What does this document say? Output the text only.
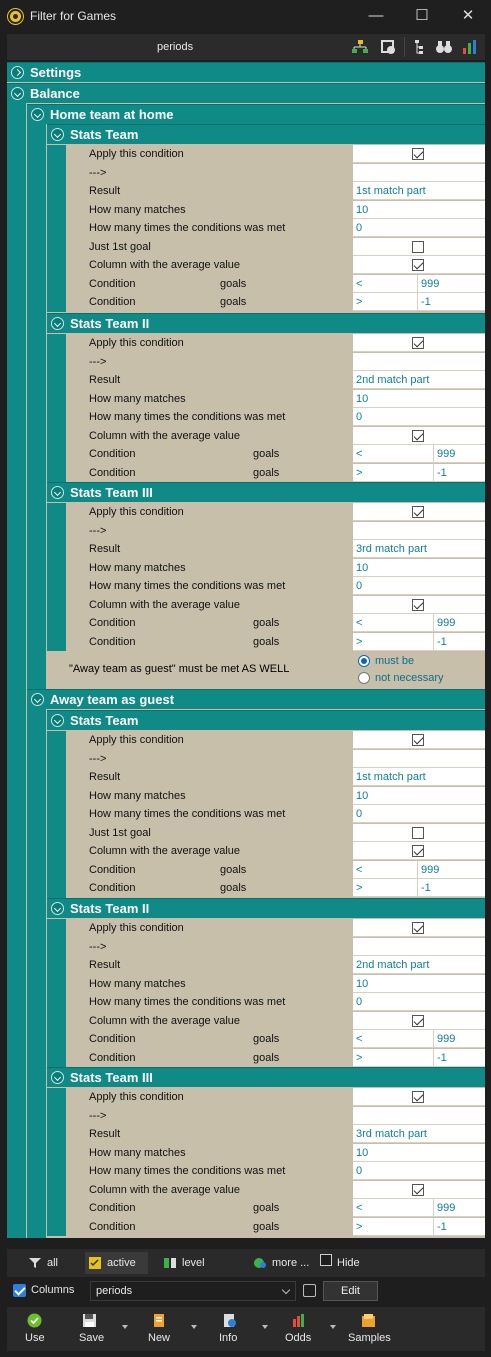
Filter for Games	—	☐	✕
periods
Settings
Balance
Home team at home
Stats Team
Apply this condition
--->
Result	1st match part
How many matches	10
How many times the conditions was met	0
Just 1st goal
Column with the average value
Condition	goals	<	999
Condition	goals	>	-1
Stats Team II
Apply this condition
--->
Result	2nd match part
How many matches	10
How many times the conditions was met	0
Column with the average value
Condition	goals	<	999
Condition	goals	>	-1
Stats Team III
Apply this condition
--->
Result	3rd match part
How many matches	10
How many times the conditions was met	0
Column with the average value
Condition	goals	<	999
Condition	goals	>	-1
"Away team as guest" must be met AS WELL
must be
not necessary
Away team as guest
Stats Team
Apply this condition
--->
Result	1st match part
How many matches	10
How many times the conditions was met	0
Just 1st goal
Column with the average value
Condition	goals	<	999
Condition	goals	>	-1
Stats Team II
Apply this condition
--->
Result	2nd match part
How many matches	10
How many times the conditions was met	0
Column with the average value
Condition	goals	<	999
Condition	goals	>	-1
Stats Team III
Apply this condition
--->
Result	3rd match part
How many matches	10
How many times the conditions was met	0
Column with the average value
Condition	goals	<	999
Condition	goals	>	-1
all	active	level	more ...	Hide
Columns	periods	Edit
Use	Save	New	Info	Odds	Samples
